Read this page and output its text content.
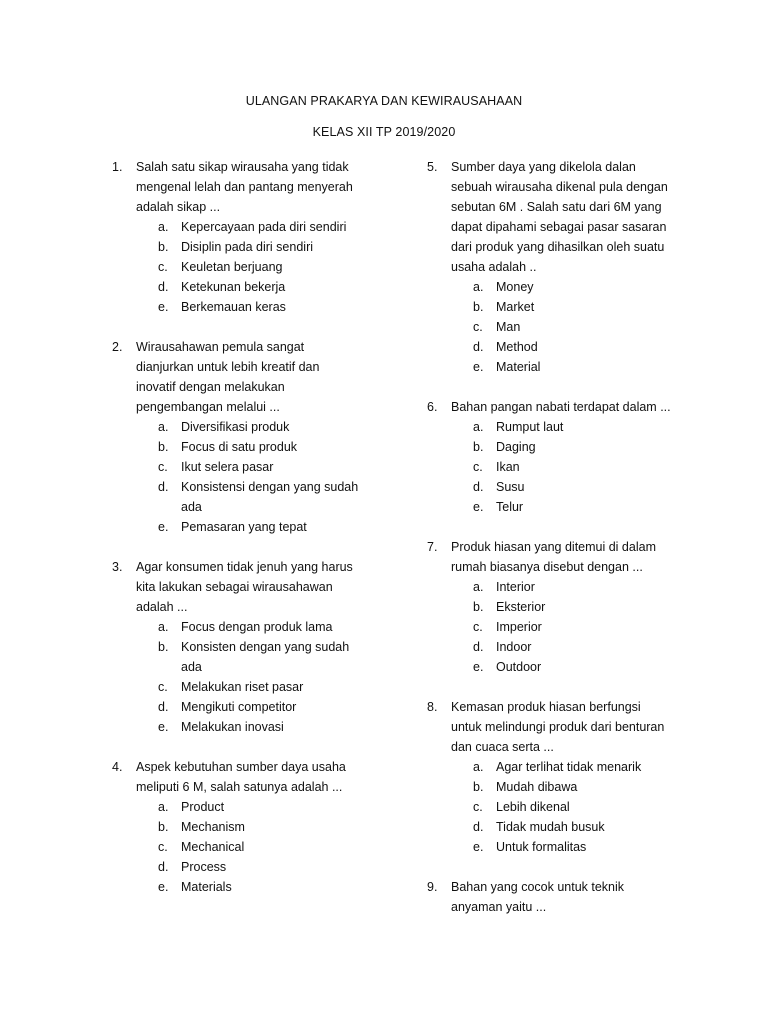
ULANGAN PRAKARYA DAN KEWIRAUSAHAAN
KELAS XII TP 2019/2020
1. Salah satu sikap wirausaha yang tidak
mengenal lelah dan pantang menyerah
adalah sikap ...
a. Kepercayaan pada diri sendiri
b. Disiplin pada diri sendiri
c. Keuletan berjuang
d. Ketekunan bekerja
e. Berkemauan keras
2. Wirausahawan pemula sangat
dianjurkan untuk lebih kreatif dan
inovatif dengan melakukan
pengembangan melalui ...
a. Diversifikasi produk
b. Focus di satu produk
c. Ikut selera pasar
d. Konsistensi dengan yang sudah
ada
e. Pemasaran yang tepat
3. Agar konsumen tidak jenuh yang harus
kita lakukan sebagai wirausahawan
adalah ...
a. Focus dengan produk lama
b. Konsisten dengan yang sudah
ada
c. Melakukan riset pasar
d. Mengikuti competitor
e. Melakukan inovasi
4. Aspek kebutuhan sumber daya usaha
meliputi 6 M, salah satunya adalah ...
a. Product
b. Mechanism
c. Mechanical
d. Process
e. Materials
5. Sumber daya yang dikelola dalan
sebuah wirausaha dikenal pula dengan
sebutan 6M . Salah satu dari 6M yang
dapat dipahami sebagai pasar sasaran
dari produk yang dihasilkan oleh suatu
usaha adalah ..
a. Money
b. Market
c. Man
d. Method
e. Material
6. Bahan pangan nabati terdapat dalam ...
a. Rumput laut
b. Daging
c. Ikan
d. Susu
e. Telur
7. Produk hiasan yang ditemui di dalam
rumah biasanya disebut dengan ...
a. Interior
b. Eksterior
c. Imperior
d. Indoor
e. Outdoor
8. Kemasan produk hiasan berfungsi
untuk melindungi produk dari benturan
dan cuaca serta ...
a. Agar terlihat tidak menarik
b. Mudah dibawa
c. Lebih dikenal
d. Tidak mudah busuk
e. Untuk formalitas
9. Bahan yang cocok untuk teknik
anyaman yaitu ...
